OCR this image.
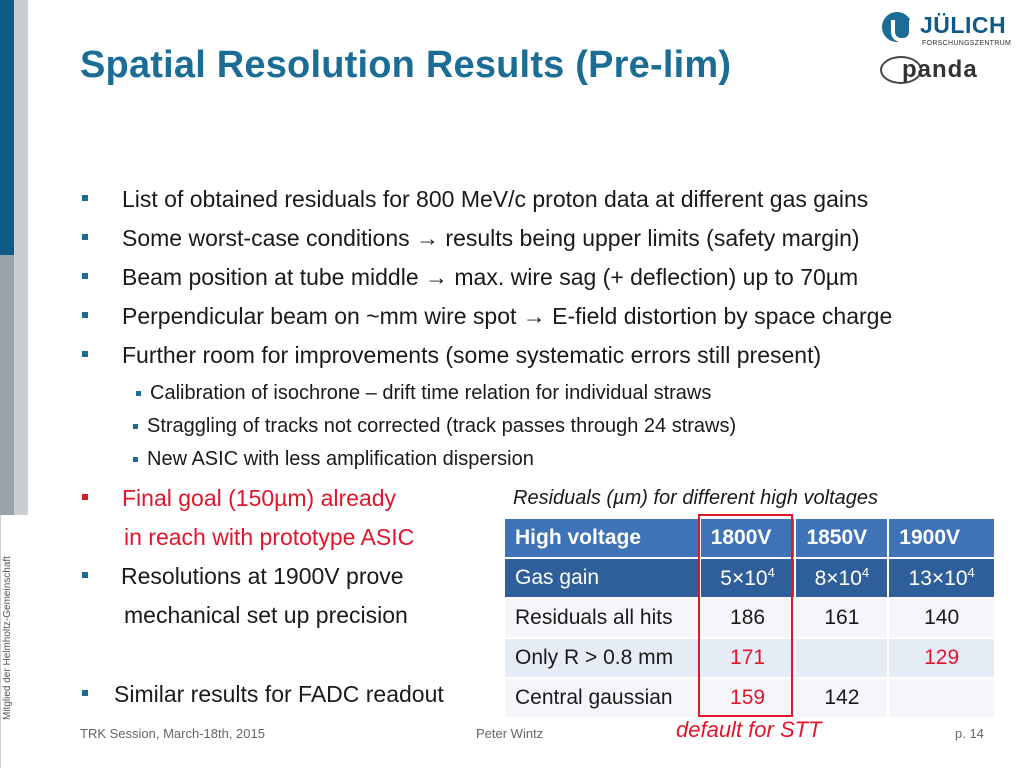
Mitglied der Helmholtz-Gemeinschaft
Spatial Resolution Results (Pre-lim)
JÜLICH
FORSCHUNGSZENTRUM
panda
List of obtained residuals for 800 MeV/c proton data at different gas gains
Some worst-case conditions → results being upper limits (safety margin)
Beam position at tube middle → max. wire sag (+ deflection) up to 70µm
Perpendicular beam on ~mm wire spot → E-field distortion by space charge
Further room for improvements (some systematic errors still present)
Calibration of isochrone – drift time relation for individual straws
Straggling of tracks not corrected (track passes through 24 straws)
New ASIC with less amplification dispersion
Final goal (150µm) already
in reach with prototype ASIC
Resolutions at 1900V prove
mechanical set up precision
Similar results for FADC readout
Residuals (µm) for different high voltages
High voltage	1800V	1850V	1900V
Gas gain	$5\times 10^4$	$8\times 10^4$	$13\times 10^4$
Residuals all hits	186	161	140
Only R > 0.8 mm	171		129
Central gaussian	159	142	
default for STT
TRK Session, March-18th, 2015	Peter Wintz	p. 14
